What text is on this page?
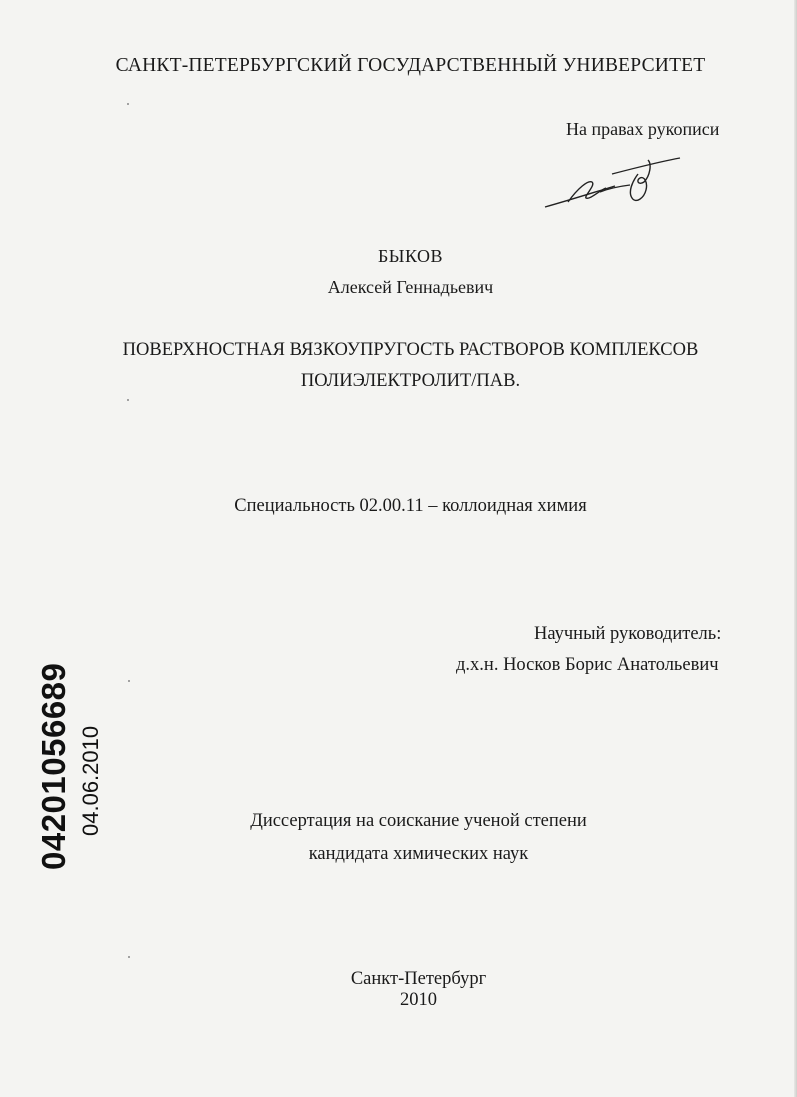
САНКТ-ПЕТЕРБУРГСКИЙ ГОСУДАРСТВЕННЫЙ УНИВЕРСИТЕТ
На правах рукописи
БЫКОВ
Алексей Геннадьевич
ПОВЕРХНОСТНАЯ ВЯЗКОУПРУГОСТЬ РАСТВОРОВ КОМПЛЕКСОВ
ПОЛИЭЛЕКТРОЛИТ/ПАВ.
Специальность 02.00.11 – коллоидная химия
Научный руководитель:
д.х.н. Носков Борис Анатольевич
04201056689 04.06.2010	Диссертация на соискание ученой степени
кандидата химических наук
Санкт-Петербург
2010
